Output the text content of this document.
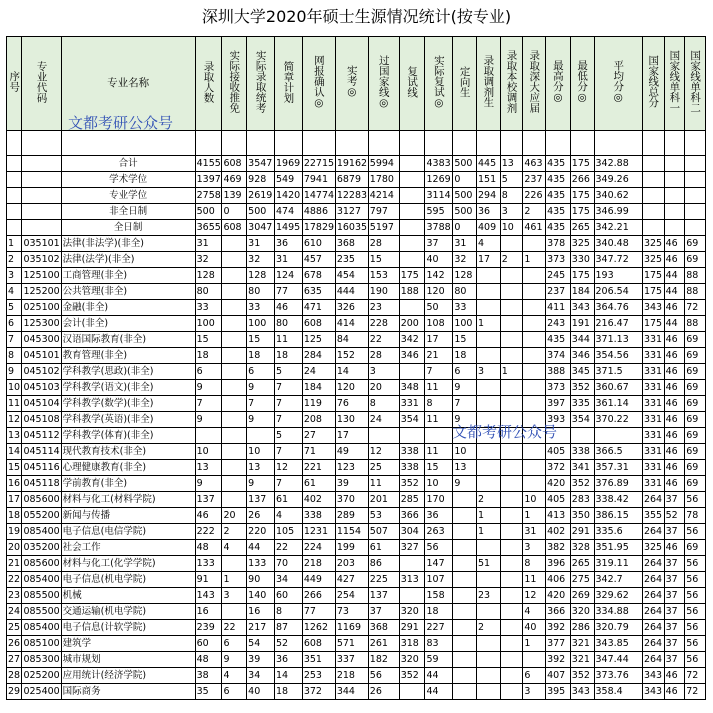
深圳大学2020年硕士生源情况统计(按专业)
序号	专业代码	专业名称	录取人数	实际接收推免	实际录取统考	简章计划	网报确认◎	实考◎	过国家线◎	复试线	实际复试◎	定向生	录取调剂生	录取本校调剂	录取深大应届	最高分◎	最低分◎	平均分◎	国家线总分	国家线单科一	国家线单科二

		合计	4155	608	3547	1969	22715	19162	5994		4383	500	445	13	463	435	175	342.88			
		学术学位	1397	469	928	549	7941	6879	1780		1269	0	151	5	237	435	266	349.26			
		专业学位	2758	139	2619	1420	14774	12283	4214		3114	500	294	8	226	435	175	340.62			
		非全日制	500	0	500	474	4886	3127	797		595	500	36	3	2	435	175	346.99			
		全日制	3655	608	3047	1495	17829	16035	5197		3788	0	409	10	461	435	265	342.21			
1	035101	法律(非法学)(非全)	31		31	36	610	368	28		37	31	4			378	325	340.48	325	46	69
2	035102	法律(法学)(非全)	32		32	31	457	235	15		40	32	17	2	1	373	330	347.72	325	46	69
3	125100	工商管理(非全)	128		128	124	678	454	153	175	142	128				245	175	193	175	44	88
4	125200	公共管理(非全)	80		80	77	635	444	190	188	120	80				237	184	206.54	175	44	88
5	025100	金融(非全)	33		33	46	471	326	23		50	33				411	343	364.76	343	46	72
6	125300	会计(非全)	100		100	80	608	414	228	200	108	100	1			243	191	216.47	175	44	88
7	045300	汉语国际教育(非全)	15		15	11	125	84	22	342	17	15				435	344	371.13	331	46	69
8	045101	教育管理(非全)	18		18	18	284	152	28	346	21	18				374	346	354.56	331	46	69
9	045102	学科教学(思政)(非全)	6		6	5	24	14	3		7	6	3	1		388	345	371.5	331	46	69
10	045103	学科教学(语文)(非全)	9		9	7	184	120	20	348	11	9				373	352	360.67	331	46	69
11	045104	学科教学(数学)(非全)	7		7	7	119	76	8	331	8	7				397	335	361.14	331	46	69
12	045108	学科教学(英语)(非全)	9		9	7	208	130	24	354	11	9				393	354	370.22	331	46	69
13	045112	学科教学(体育)(非全)				5	27	17											331	46	69
14	045114	现代教育技术(非全)	10		10	7	71	49	12	338	11	10				405	338	366.5	331	46	69
15	045116	心理健康教育(非全)	13		13	12	221	123	25	338	15	13				372	341	357.31	331	46	69
16	045118	学前教育(非全)	9		9	7	61	39	11	352	10	9				420	352	376.89	331	46	69
17	085600	材料与化工(材料学院)	137		137	61	402	370	201	285	170		2		10	405	283	338.42	264	37	56
18	055200	新闻与传播	46	20	26	4	338	289	53	366	36		1		1	413	350	386.15	355	52	78
19	085400	电子信息(电信学院)	222	2	220	105	1231	1154	507	304	263		1		31	402	291	335.6	264	37	56
20	035200	社会工作	48	4	44	22	224	199	61	327	56				3	382	328	351.95	325	46	69
21	085600	材料与化工(化学学院)	133		133	70	218	203	86		147		51		8	396	265	319.11	264	37	56
22	085400	电子信息(机电学院)	91	1	90	34	449	427	225	313	107				11	406	275	342.7	264	37	56
23	085500	机械	143	3	140	60	266	254	137		158		23		12	420	269	329.62	264	37	56
24	085500	交通运输(机电学院)	16		16	8	77	73	37	320	18				4	366	320	334.88	264	37	56
25	085400	电子信息(计软学院)	239	22	217	87	1262	1169	368	291	227		2		40	392	286	320.79	264	37	56
26	085100	建筑学	60	6	54	52	608	571	261	318	83				1	377	321	343.85	264	37	56
27	085300	城市规划	48	9	39	36	351	337	182	320	59					392	321	347.44	264	37	56
28	025200	应用统计(经济学院)	38	4	34	14	253	218	56	352	44				6	407	352	373.76	343	46	72
29	025400	国际商务	35	6	40	18	372	344	26		44				3	395	343	358.4	343	46	72
文都考研公众号
文都考研公众号
